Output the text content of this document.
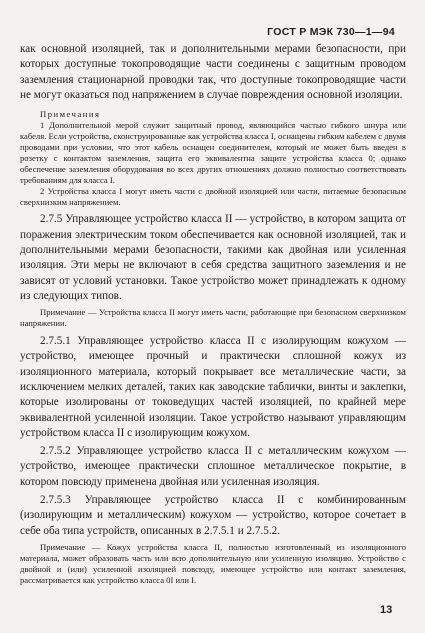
ГОСТ Р МЭК 730—1—94

как основной изоляцией, так и дополнительными мерами безопасности, при которых доступные токопроводящие части соединены с защитным проводом заземления стационарной проводки так, что доступные токопроводящие части не могут оказаться под напряжением в случае повреждения основной изоляции.

Примечания

1 Дополнительной мерой служит защитный провод, являющийся частью гибкого шнура или кабеля. Если устройства, сконструированные как устройства класса I, оснащены гибким кабелем с двумя проводами при условии, что этот кабель оснащен соединителем, который не может быть введен в розетку с контактом заземления, защита его эквивалентна защите устройства класса 0; однако обеспечение заземления оборудования во всех других отношениях должно полностью соответствовать требованиям для класса I.

2 Устройства класса I могут иметь части с двойной изоляцией или части, питаемые безопасным сверхнизким напряжением.

2.7.5 Управляющее устройство класса II — устройство, в котором защита от поражения электрическим током обеспечивается как основной изоляцией, так и дополнительными мерами безопасности, такими как двойная или усиленная изоляция. Эти меры не включают в себя средства защитного заземления и не зависят от условий установки. Такое устройство может принадлежать к одному из следующих типов.

Примечание — Устройства класса II могут иметь части, работающие при безопасном сверхнизком напряжении.

2.7.5.1 Управляющее устройство класса II с изолирующим кожухом — устройство, имеющее прочный и практически сплошной кожух из изоляционного материала, который покрывает все металлические части, за исключением мелких деталей, таких как заводские таблички, винты и заклепки, которые изолированы от токоведущих частей изоляцией, по крайней мере эквивалентной усиленной изоляции. Такое устройство называют управляющим устройством класса II с изолирующим кожухом.

2.7.5.2 Управляющее устройство класса II с металлическим кожухом — устройство, имеющее практически сплошное металлическое покрытие, в котором повсюду применена двойная или усиленная изоляция.

2.7.5.3 Управляющее устройство класса II с комбинированным (изолирующим и металлическим) кожухом — устройство, которое сочетает в себе оба типа устройств, описанных в 2.7.5.1 и 2.7.5.2.

Примечание — Кожух устройства класса II, полностью изготовленный из изоляционного материала, может образовать часть или всю дополнительную или усиленную изоляцию. Устройство с двойной и (или) усиленной изоляцией повсюду, имеющее устройство или контакт заземления, рассматривается как устройство класса 0I или I.

13
